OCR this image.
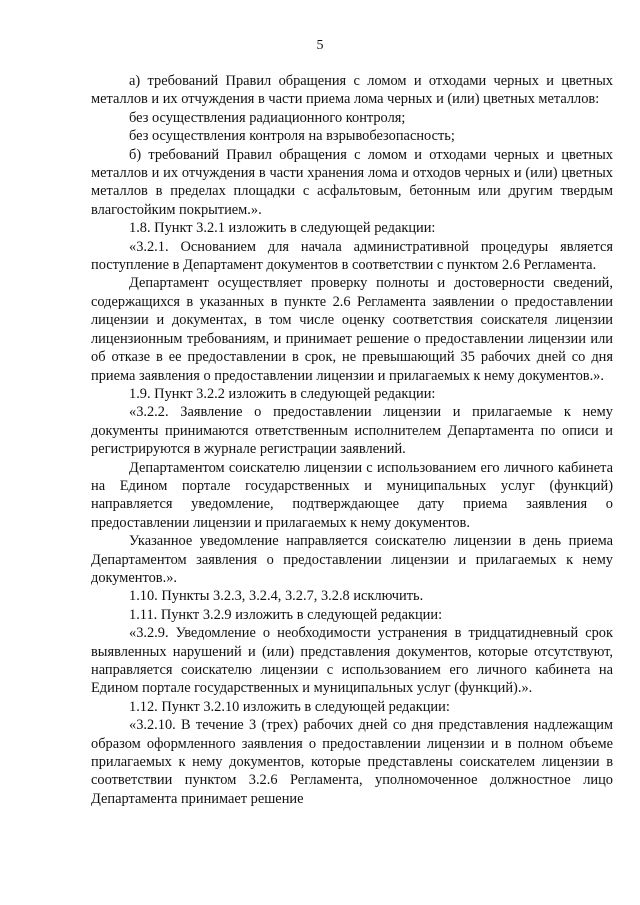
5

а) требований Правил обращения с ломом и отходами черных и цветных металлов и их отчуждения в части приема лома черных и (или) цветных металлов:

без осуществления радиационного контроля;

без осуществления контроля на взрывобезопасность;

б) требований Правил обращения с ломом и отходами черных и цветных металлов и их отчуждения в части хранения лома и отходов черных и (или) цветных металлов в пределах площадки с асфальтовым, бетонным или другим твердым влагостойким покрытием.».

1.8. Пункт 3.2.1 изложить в следующей редакции:

«3.2.1. Основанием для начала административной процедуры является поступление в Департамент документов в соответствии с пунктом 2.6 Регламента.

Департамент осуществляет проверку полноты и достоверности сведений, содержащихся в указанных в пункте 2.6 Регламента заявлении о предоставлении лицензии и документах, в том числе оценку соответствия соискателя лицензии лицензионным требованиям, и принимает решение о предоставлении лицензии или об отказе в ее предоставлении в срок, не превышающий 35 рабочих дней со дня приема заявления о предоставлении лицензии и прилагаемых к нему документов.».

1.9. Пункт 3.2.2 изложить в следующей редакции:

«3.2.2. Заявление о предоставлении лицензии и прилагаемые к нему документы принимаются ответственным исполнителем Департамента по описи и регистрируются в журнале регистрации заявлений.

Департаментом соискателю лицензии с использованием его личного кабинета на Едином портале государственных и муниципальных услуг (функций) направляется уведомление, подтверждающее дату приема заявления о предоставлении лицензии и прилагаемых к нему документов.

Указанное уведомление направляется соискателю лицензии в день приема Департаментом заявления о предоставлении лицензии и прилагаемых к нему документов.».

1.10. Пункты 3.2.3, 3.2.4, 3.2.7, 3.2.8 исключить.

1.11. Пункт 3.2.9 изложить в следующей редакции:

«3.2.9. Уведомление о необходимости устранения в тридцатидневный срок выявленных нарушений и (или) представления документов, которые отсутствуют, направляется соискателю лицензии с использованием его личного кабинета на Едином портале государственных и муниципальных услуг (функций).».

1.12. Пункт 3.2.10 изложить в следующей редакции:

«3.2.10. В течение 3 (трех) рабочих дней со дня представления надлежащим образом оформленного заявления о предоставлении лицензии и в полном объеме прилагаемых к нему документов, которые представлены соискателем лицензии в соответствии пунктом 3.2.6 Регламента, уполномоченное должностное лицо Департамента принимает решение
